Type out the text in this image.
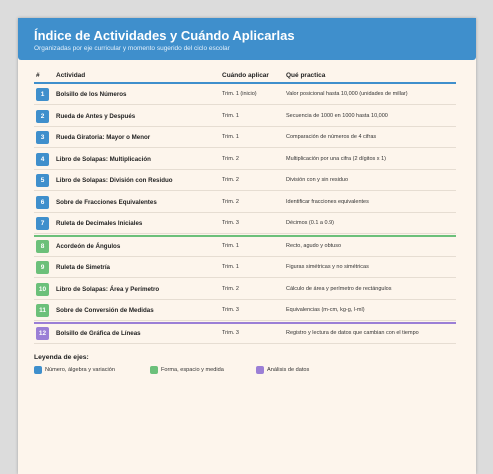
Índice de Actividades y Cuándo Aplicarlas
Organizadas por eje curricular y momento sugerido del ciclo escolar
#	Actividad	Cuándo aplicar	Qué practica
1	Bolsillo de los Números	Trim. 1 (inicio)	Valor posicional hasta 10,000 (unidades de millar)
2	Rueda de Antes y Después	Trim. 1	Secuencia de 1000 en 1000 hasta 10,000
3	Rueda Giratoria: Mayor o Menor	Trim. 1	Comparación de números de 4 cifras
4	Libro de Solapas: Multiplicación	Trim. 2	Multiplicación por una cifra (2 dígitos x 1)
5	Libro de Solapas: División con Residuo	Trim. 2	División con y sin residuo
6	Sobre de Fracciones Equivalentes	Trim. 2	Identificar fracciones equivalentes
7	Ruleta de Decimales Iniciales	Trim. 3	Décimos (0.1 a 0.9)
8	Acordeón de Ángulos	Trim. 1	Recto, agudo y obtuso
9	Ruleta de Simetría	Trim. 1	Figuras simétricas y no simétricas
10	Libro de Solapas: Área y Perímetro	Trim. 2	Cálculo de área y perímetro de rectángulos
11	Sobre de Conversión de Medidas	Trim. 3	Equivalencias (m-cm, kg-g, l-ml)
12	Bolsillo de Gráfica de Líneas	Trim. 3	Registro y lectura de datos que cambian con el tiempo
Leyenda de ejes:
Número, álgebra y variación	Forma, espacio y medida	Análisis de datos
